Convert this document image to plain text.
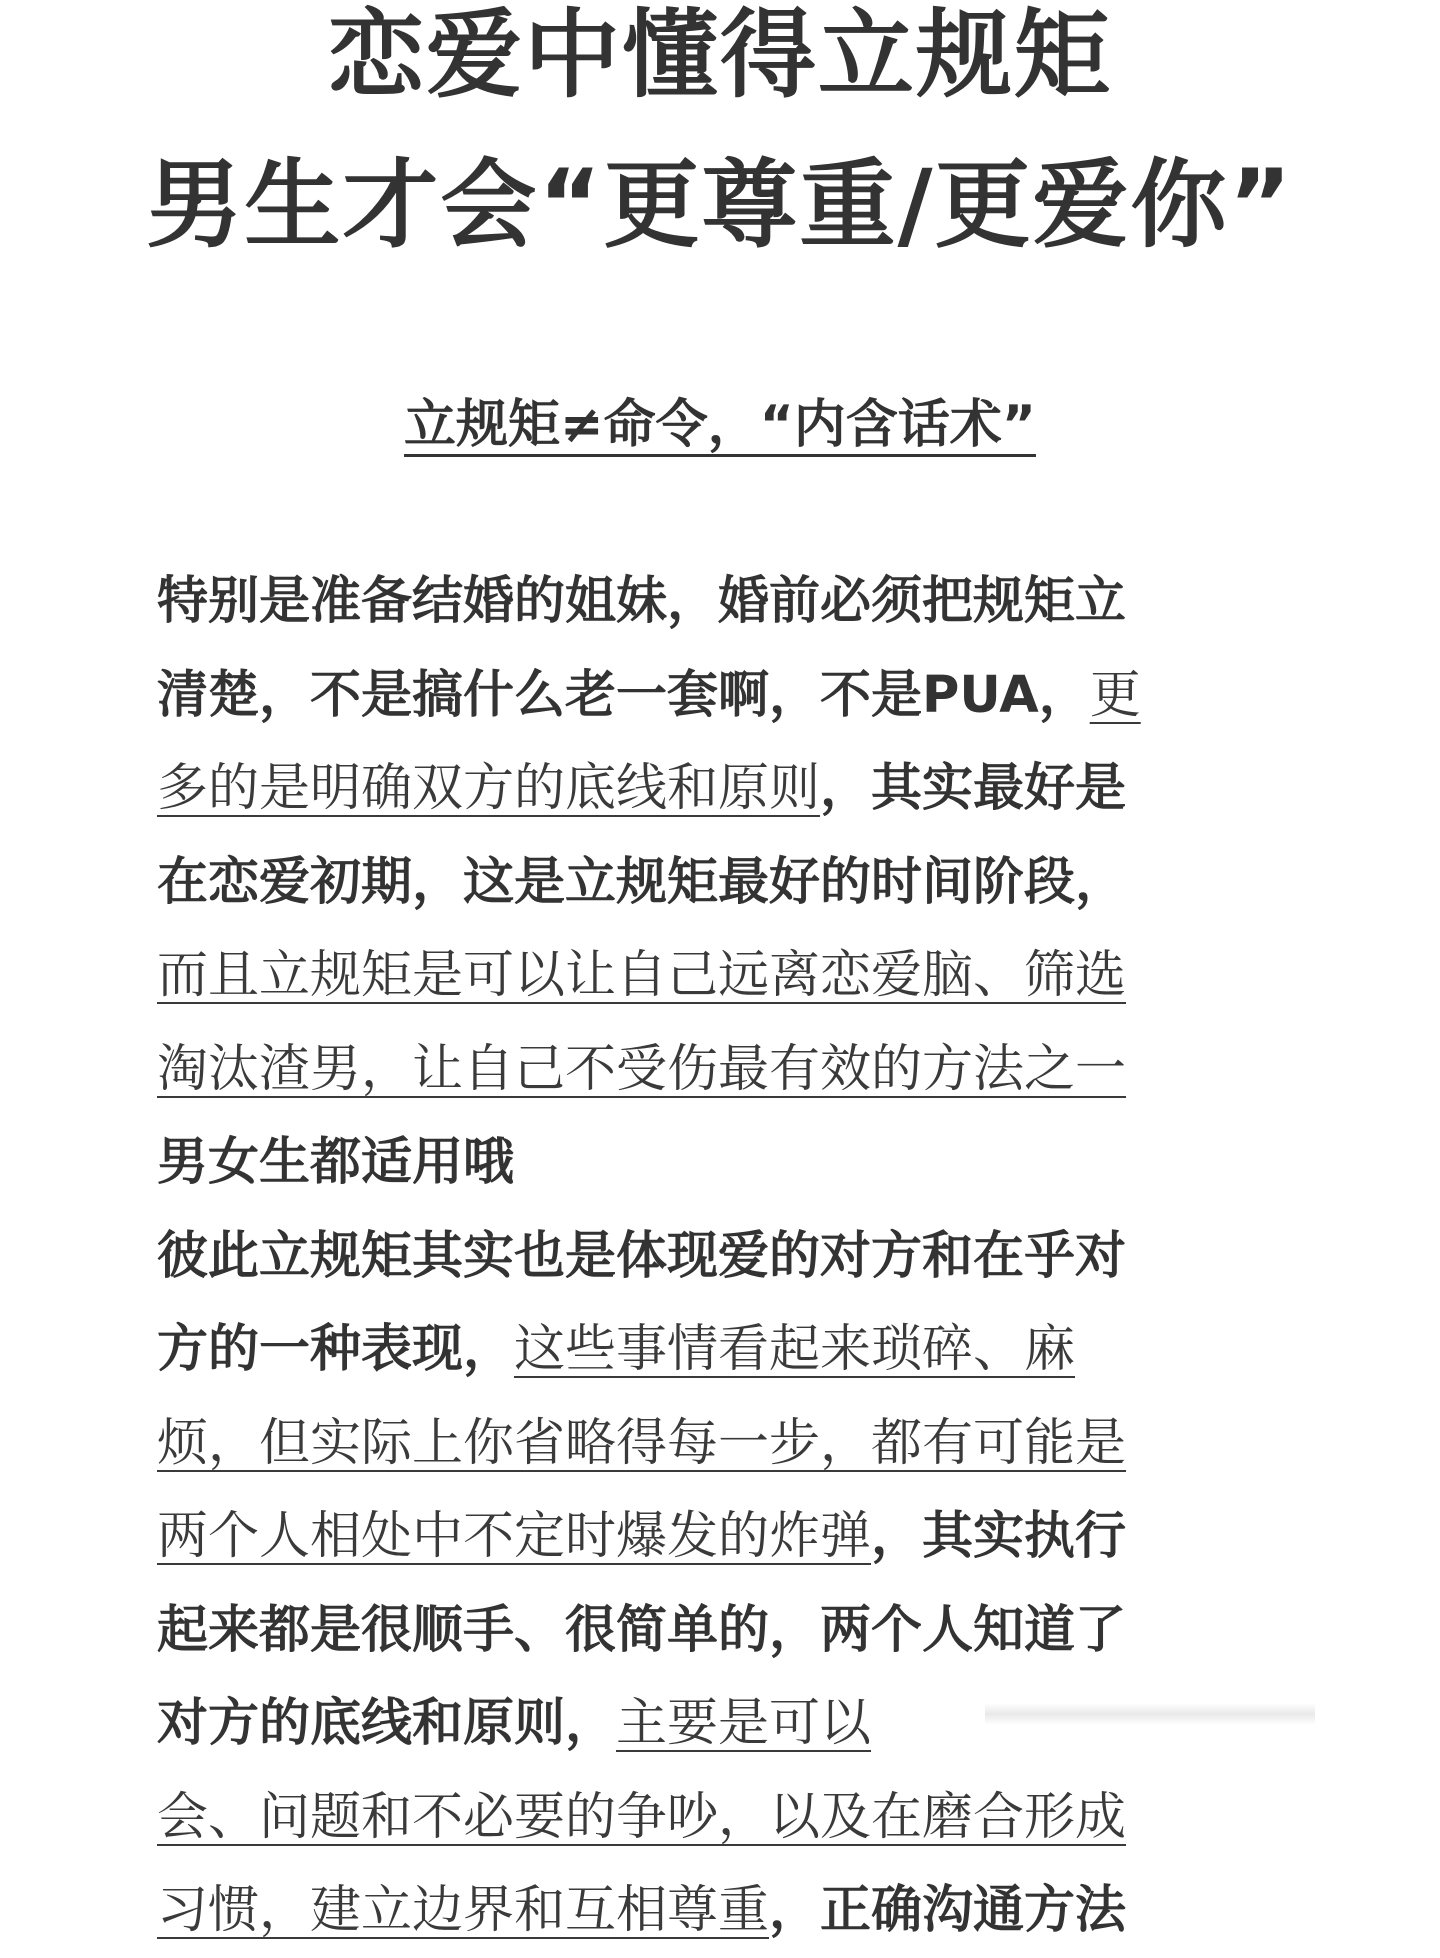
恋爱中懂得立规矩
男生才会“更尊重/更爱你”
立规矩≠命令，“内含话术”
特别是准备结婚的姐妹，婚前必须把规矩立
清楚，不是搞什么老一套啊，不是PUA，更
多的是明确双方的底线和原则，其实最好是
在恋爱初期，这是立规矩最好的时间阶段，
而且立规矩是可以让自己远离恋爱脑、筛选
淘汰渣男，让自己不受伤最有效的方法之一
男女生都适用哦
彼此立规矩其实也是体现爱的对方和在乎对
方的一种表现，这些事情看起来琐碎、麻
烦，但实际上你省略得每一步，都有可能是
两个人相处中不定时爆发的炸弹，其实执行
起来都是很顺手、很简单的，两个人知道了
对方的底线和原则，主要是可以
会、问题和不必要的争吵，以及在磨合形成
习惯，建立边界和互相尊重，正确沟通方法
